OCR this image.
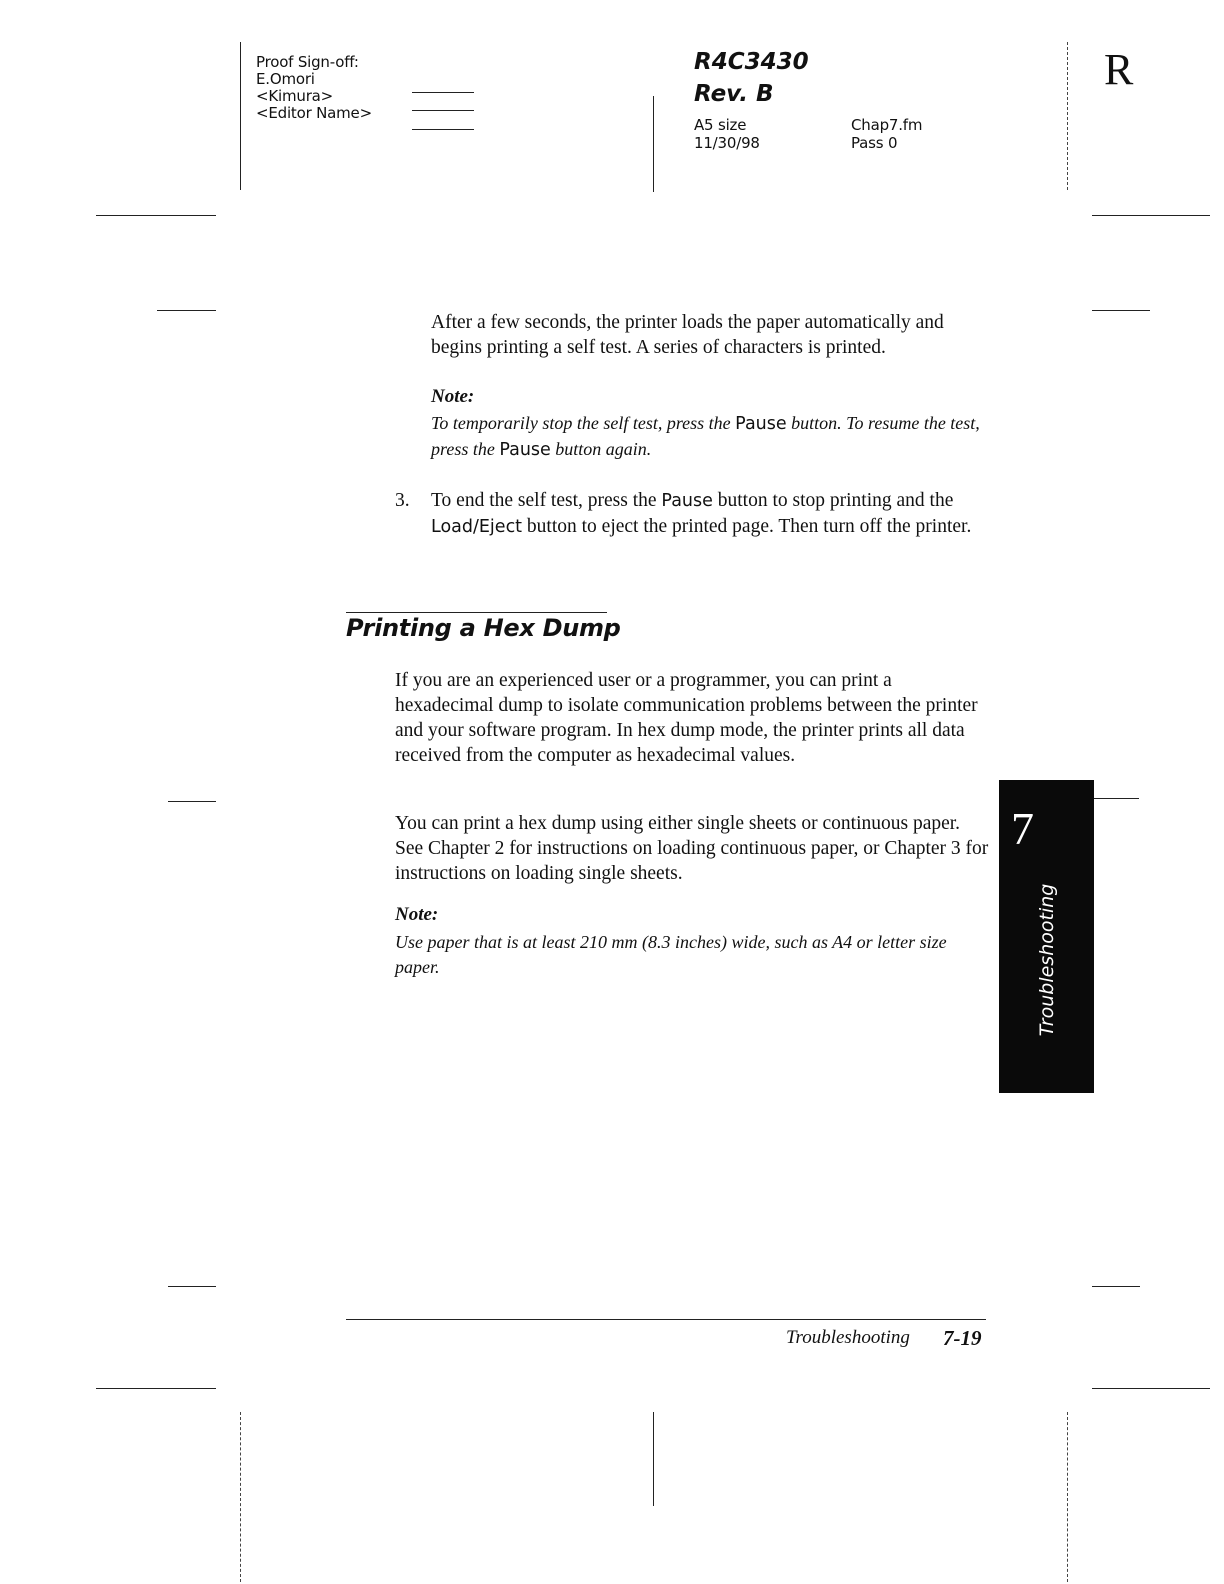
Proof Sign-off:
E.Omori
<Kimura>
<Editor Name>
R4C3430
Rev. B
A5 size
11/30/98
Chap7.fm
Pass 0
R
After a few seconds, the printer loads the paper automatically and begins printing a self test. A series of characters is printed.
Note:
To temporarily stop the self test, press the Pause button. To resume the test, press the Pause button again.
3. To end the self test, press the Pause button to stop printing and the Load/Eject button to eject the printed page. Then turn off the printer.
Printing a Hex Dump
If you are an experienced user or a programmer, you can print a hexadecimal dump to isolate communication problems between the printer and your software program. In hex dump mode, the printer prints all data received from the computer as hexadecimal values.
You can print a hex dump using either single sheets or continuous paper. See Chapter 2 for instructions on loading continuous paper, or Chapter 3 for instructions on loading single sheets.
Note:
Use paper that is at least 210 mm (8.3 inches) wide, such as A4 or letter size paper.
7
Troubleshooting
Troubleshooting 7-19
